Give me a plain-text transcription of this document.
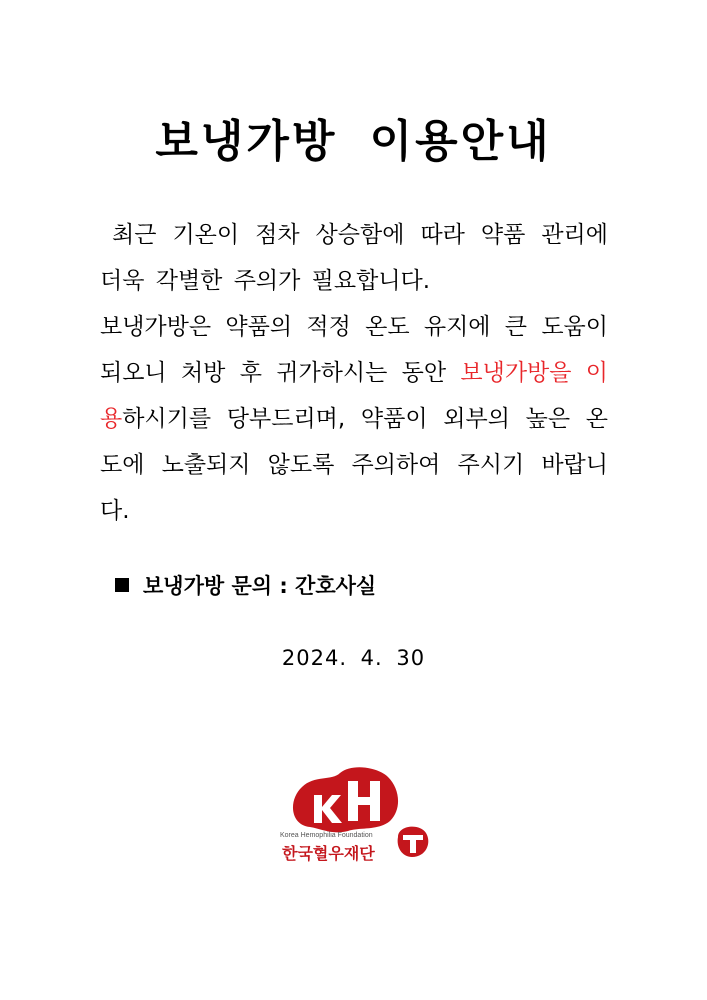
보냉가방 이용안내
최근 기온이 점차 상승함에 따라 약품 관리에 더욱 각별한 주의가 필요합니다.
보냉가방은 약품의 적정 온도 유지에 큰 도움이 되오니 처방 후 귀가하시는 동안 보냉가방을 이용하시기를 당부드리며, 약품이 외부의 높은 온도에 노출되지 않도록 주의하여 주시기 바랍니다.
보냉가방 문의 : 간호사실
2024. 4. 30
Korea Hemophilia Foundation
한국혈우재단
